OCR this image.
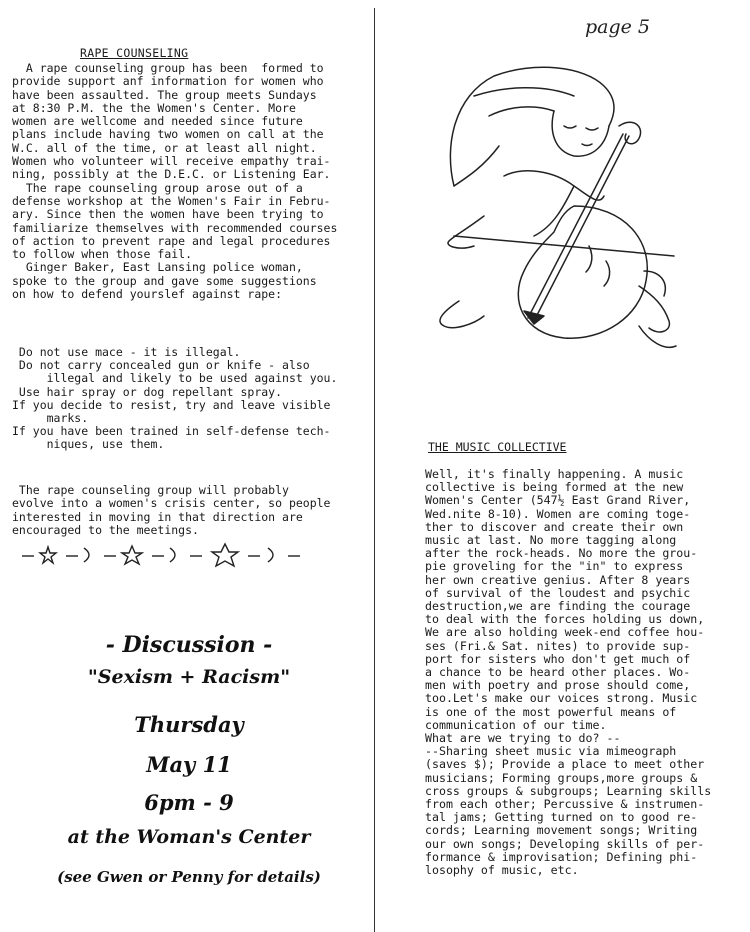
page 5
RAPE COUNSELING
A rape counseling group has been  formed to
provide support anf information for women who
have been assaulted. The group meets Sundays
at 8:30 P.M. the the Women's Center. More
women are wellcome and needed since future
plans include having two women on call at the
W.C. all of the time, or at least all night.
Women who volunteer will receive empathy trai-
ning, possibly at the D.E.C. or Listening Ear.
The rape counseling group arose out of a
defense workshop at the Women's Fair in Febru-
ary. Since then the women have been trying to
familiarize themselves with recommended courses
of action to prevent rape and legal procedures
to follow when those fail.
Ginger Baker, East Lansing police woman,
spoke to the group and gave some suggestions
on how to defend yourslef against rape:
Do not use mace - it is illegal.
Do not carry concealed gun or knife - also
illegal and likely to be used against you.
Use hair spray or dog repellant spray.
If you decide to resist, try and leave visible
marks.
If you have been trained in self-defense tech-
niques, use them.
The rape counseling group will probably
evolve into a women's crisis center, so people
interested in moving in that direction are
encouraged to the meetings.
- Discussion -
"Sexism + Racism"
Thursday
May 11
6pm - 9
at the Woman's Center
(see Gwen or Penny for details)
THE MUSIC COLLECTIVE
Well, it's finally happening. A music
collective is being formed at the new
Women's Center (547½ East Grand River,
Wed.nite 8-10). Women are coming toge-
ther to discover and create their own
music at last. No more tagging along
after the rock-heads. No more the grou-
pie groveling for the "in" to express
her own creative genius. After 8 years
of survival of the loudest and psychic
destruction,we are finding the courage
to deal with the forces holding us down,
We are also holding week-end coffee hou-
ses (Fri.& Sat. nites) to provide sup-
port for sisters who don't get much of
a chance to be heard other places. Wo-
men with poetry and prose should come,
too.Let's make our voices strong. Music
is one of the most powerful means of
communication of our time.
What are we trying to do? --
--Sharing sheet music via mimeograph
(saves $); Provide a place to meet other
musicians; Forming groups,more groups &
cross groups & subgroups; Learning skills
from each other; Percussive & instrumen-
tal jams; Getting turned on to good re-
cords; Learning movement songs; Writing
our own songs; Developing skills of per-
formance & improvisation; Defining phi-
losophy of music, etc.
